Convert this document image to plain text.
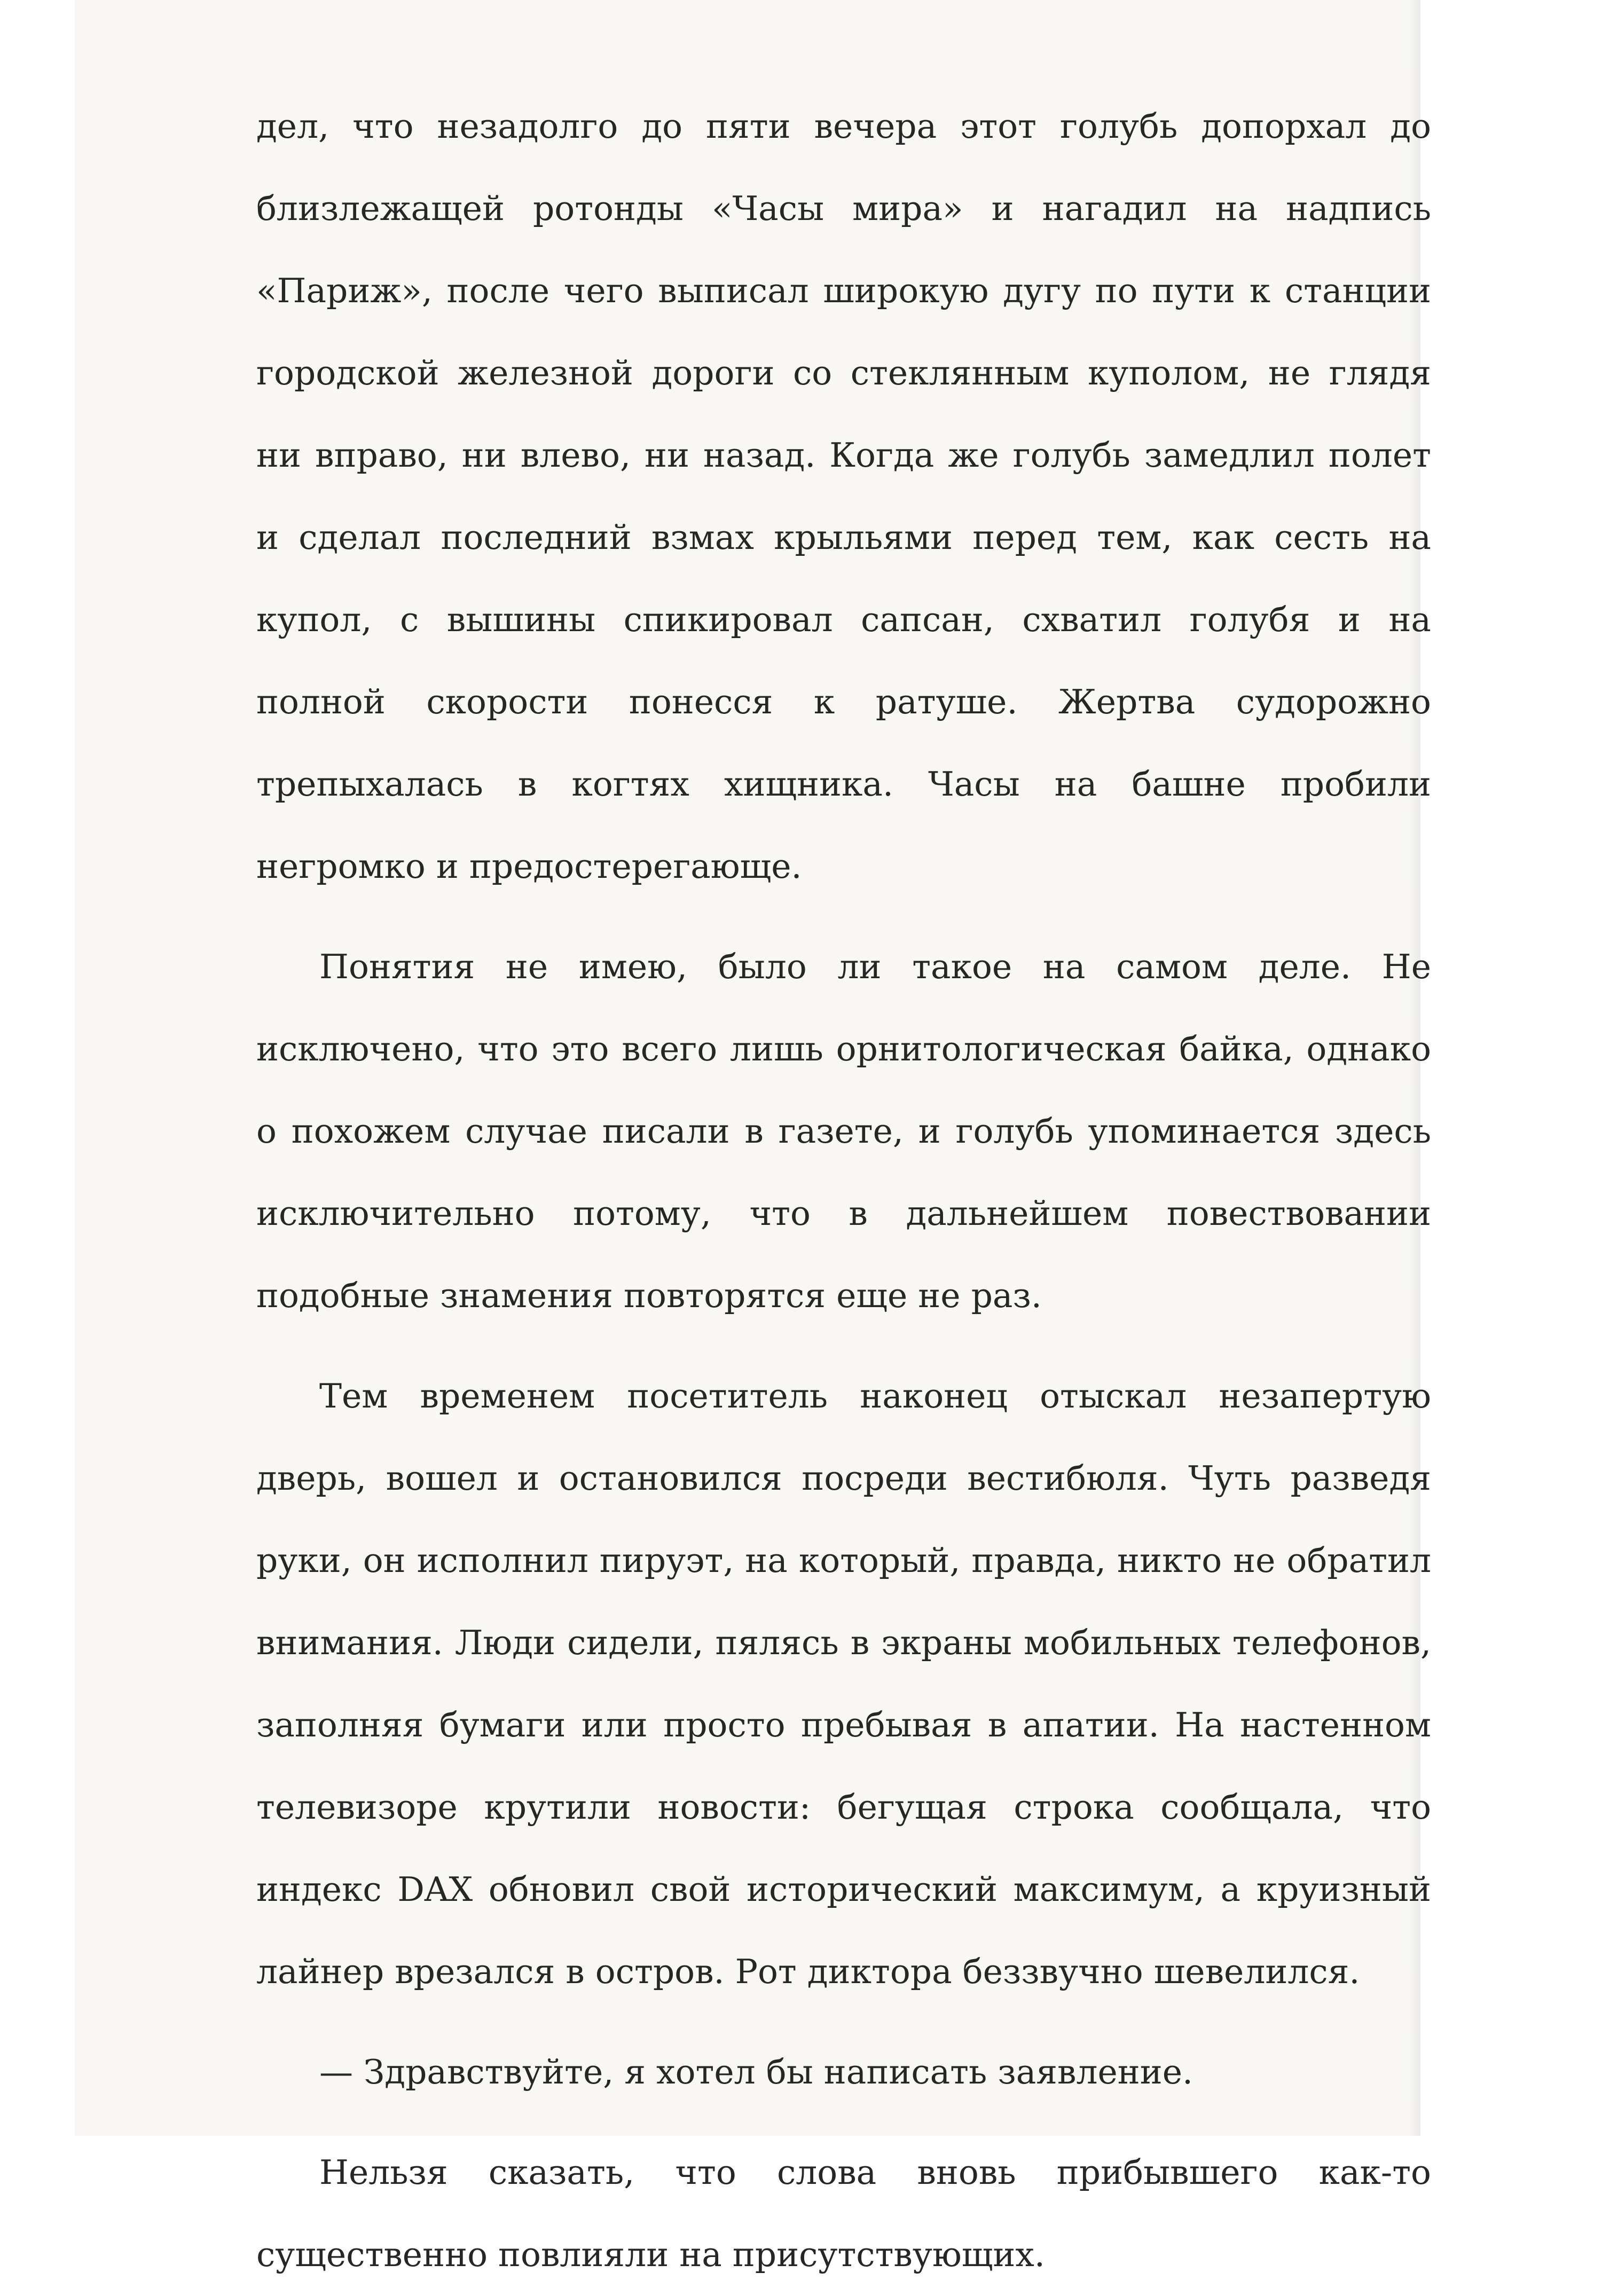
дел, что незадолго до пяти вечера этот голубь допорхал до близлежащей ротонды «Часы мира» и нагадил на надпись «Париж», после чего выписал широкую дугу по пути к станции городской железной дороги со стеклянным куполом, не глядя ни вправо, ни влево, ни назад. Когда же голубь замедлил полет и сделал последний взмах крыльями перед тем, как сесть на купол, с вышины спикировал сапсан, схватил голубя и на полной скорости понесся к ратуше. Жертва судорожно трепыхалась в когтях хищника. Часы на башне пробили негромко и предостерегающе.

Понятия не имею, было ли такое на самом деле. Не исключено, что это всего лишь орнитологическая байка, однако о похожем случае писали в газете, и голубь упоминается здесь исключительно потому, что в дальнейшем повествовании подобные знамения повторятся еще не раз.

Тем временем посетитель наконец отыскал незапертую дверь, вошел и остановился посреди вестибюля. Чуть разведя руки, он исполнил пируэт, на который, правда, никто не обратил внимания. Люди сидели, пялясь в экраны мобильных телефонов, заполняя бумаги или просто пребывая в апатии. На настенном телевизоре крутили новости: бегущая строка сообщала, что индекс DAX обновил свой исторический максимум, а круизный лайнер врезался в остров. Рот диктора беззвучно шевелился.

— Здравствуйте, я хотел бы написать заявление.

Нельзя сказать, что слова вновь прибывшего как-то существенно повлияли на присутствующих.
